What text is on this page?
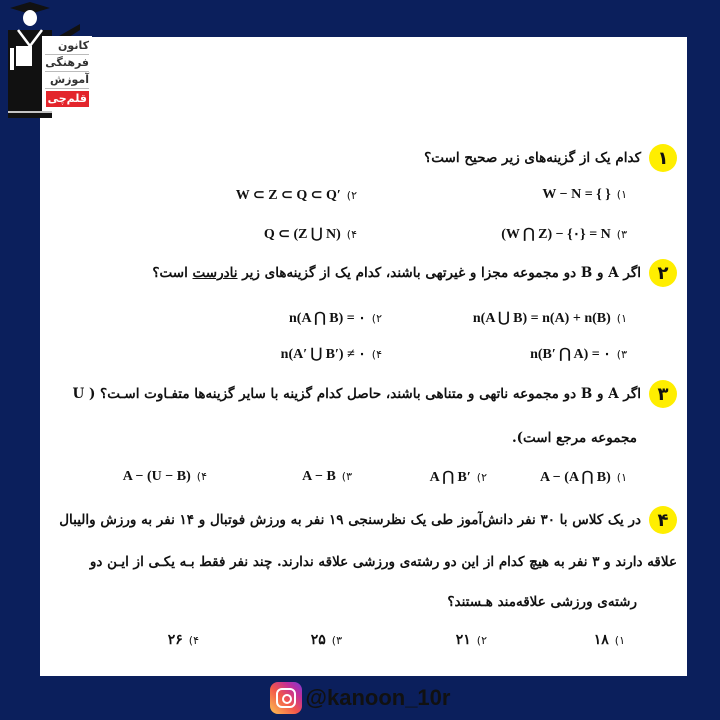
۱
کدام یک از گزینه‌های زیر صحیح است؟
۱)W − N = { }
۲)W ⊂ Z ⊂ Q ⊂ Q′
۳)(W ⋂ Z) − {۰} = N
۴)Q ⊂ (Z ⋃ N)
۲
اگر A و B دو مجموعه مجزا و غیرتهی باشند، کدام یک از گزینه‌های زیر نادرست است؟
۱)n(A ⋃ B) = n(A) + n(B)
۲)n(A ⋂ B) = ۰
۳)n(B′ ⋂ A) = ۰
۴)n(A′ ⋃ B′) ≠ ۰
۳
اگر A و B دو مجموعه ناتهی و متناهی باشند، حاصل کدام گزینه با سایر گزینه‌ها متفـاوت اسـت؟ ( U
مجموعه مرجع است).
۱)A − (A ⋂ B)
۲)A ⋂ B′
۳)A − B
۴)A − (U − B)
۴
در یک کلاس با ۳۰ نفر دانش‌آموز طی یک نظرسنجی ۱۹ نفر به ورزش فوتبال و ۱۴ نفر به ورزش والیبال
علاقه دارند و ۳ نفر به هیچ کدام از این دو رشته‌ی ورزشی علاقه ندارند. چند نفر فقط بـه یکـی از ایـن دو
رشته‌ی ورزشی علاقه‌مند هـستند؟
۱)۱۸
۲)۲۱
۳)۲۵
۴)۲۶
کانون
فرهنگی
آموزش
قلم‌چی
@kanoon_10r
